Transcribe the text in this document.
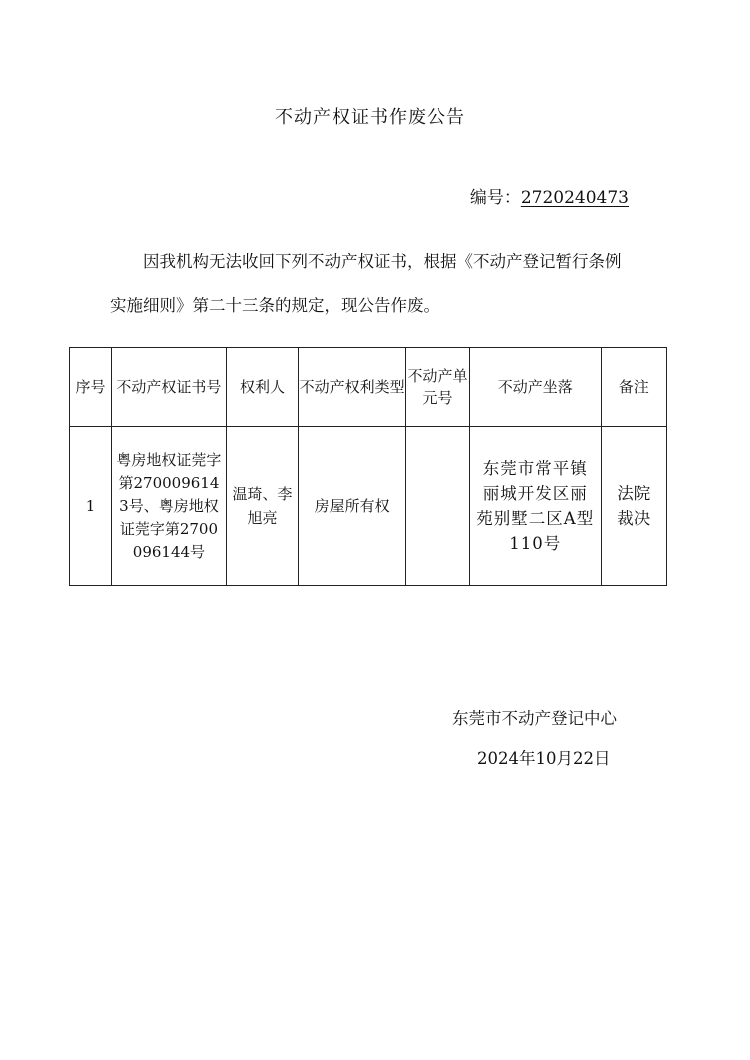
不动产权证书作废公告
编号：2720240473
因我机构无法收回下列不动产权证书，根据《不动产登记暂行条例实施细则》第二十三条的规定，现公告作废。
序号	不动产权证书号	权利人	不动产权利类型	不动产单元号	不动产坐落	备注
1	粤房地权证莞字第2700096143号、粤房地权证莞字第2700096144号	温琦、李旭亮	房屋所有权		东莞市常平镇丽城开发区丽苑别墅二区A型110号	法院裁决
东莞市不动产登记中心
2024年10月22日
